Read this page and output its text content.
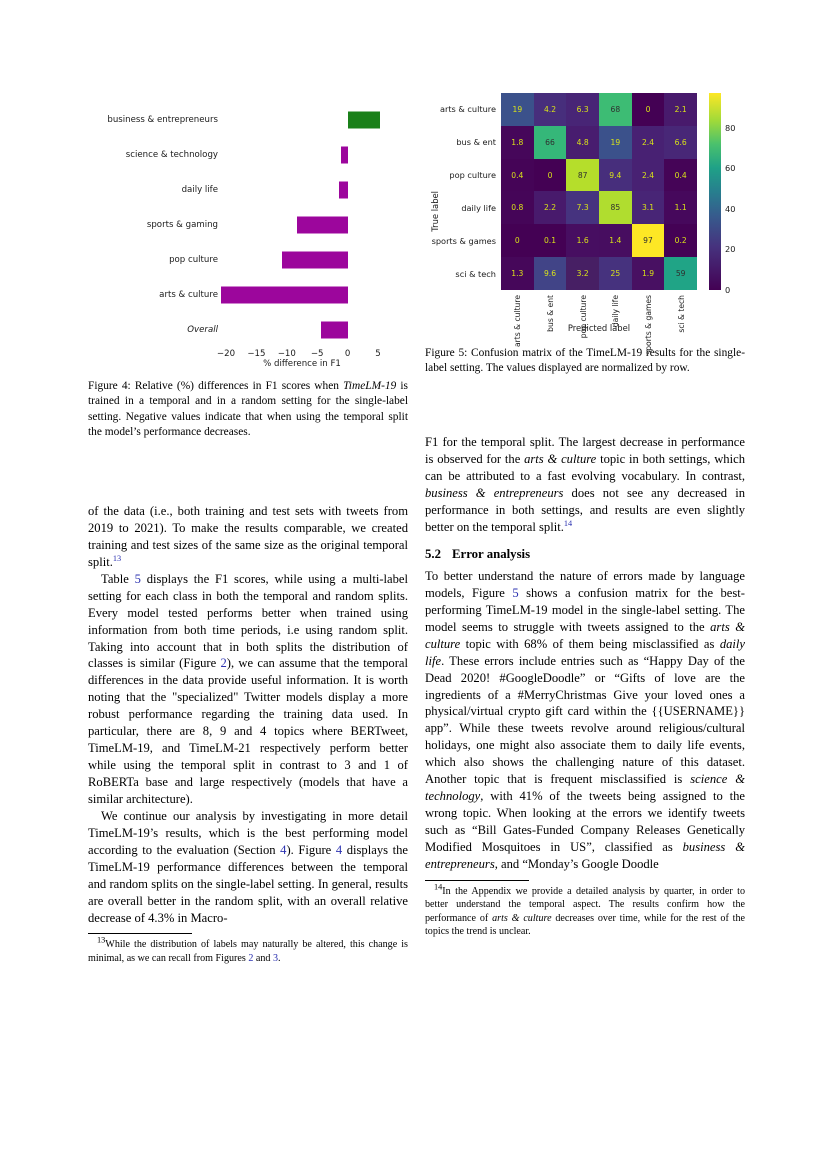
business & entrepreneurs
science & technology
daily life
sports & gaming
pop culture
arts & culture
Overall
−20 −15 −10 −5 0	5
% difference in F1
Figure 4: Relative (%) differences in F1 scores when TimeLM-19 is trained in a temporal and in a random setting for the single-label setting. Negative values indicate that when using the temporal split the model’s performance decreases.
True label
19	4.2	6.3	68	0	2.1
1.8	66	4.8	19	2.4	6.6
0.4	0	87	9.4	2.4	0.4
0.8	2.2	7.3	85	3.1	1.1
0	0.1	1.6	1.4	97	0.2
1.3	9.6	3.2	25	1.9	59
arts & culture
bus & ent
pop culture
daily life
sports & games
sci & tech
arts & culture	bus & ent	pop culture	daily life	sports & games	sci & tech
0
20
40
60
80
Predicted label
Figure 5: Confusion matrix of the TimeLM-19 results for the single-label setting. The values displayed are normalized by row.

of the data (i.e., both training and test sets with tweets from 2019 to 2021). To make the results comparable, we created training and test sizes of the same size as the original temporal split.$^{13}$

Table 5 displays the F1 scores, while using a multi-label setting for each class in both the temporal and random splits. Every model tested performs better when trained using information from both time periods, i.e using random split. Taking into account that in both splits the distribution of classes is similar (Figure 2), we can assume that the temporal differences in the data provide useful information. It is worth noting that the "specialized" Twitter models display a more robust performance regarding the training data used. In particular, there are 8, 9 and 4 topics where BERTweet, TimeLM-19, and TimeLM-21 respectively perform better while using the temporal split in contrast to 3 and 1 of RoBERTa base and large respectively (models that have a similar architecture).

We continue our analysis by investigating in more detail TimeLM-19’s results, which is the best performing model according to the evaluation (Section 4). Figure 4 displays the TimeLM-19 performance differences between the temporal and random splits on the single-label setting. In general, results are overall better in the random split, with an overall relative decrease of 4.3% in Macro-

$^{13}$While the distribution of labels may naturally be altered, this change is minimal, as we can recall from Figures 2 and 3.

F1 for the temporal split. The largest decrease in performance is observed for the arts & culture topic in both settings, which can be attributed to a fast evolving vocabulary. In contrast, business & entrepreneurs does not see any decreased in performance in both settings, and results are even slightly better on the temporal split.$^{14}$

5.2 Error analysis

To better understand the nature of errors made by language models, Figure 5 shows a confusion matrix for the best-performing TimeLM-19 model in the single-label setting. The model seems to struggle with tweets assigned to the arts & culture topic with 68% of them being misclassified as daily life. These errors include entries such as “Happy Day of the Dead 2020! #GoogleDoodle” or “Gifts of love are the ingredients of a #MerryChristmas Give your loved ones a physical/virtual crypto gift card within the {{USERNAME}} app”. While these tweets revolve around religious/cultural holidays, one might also associate them to daily life events, which also shows the challenging nature of this dataset. Another topic that is frequent misclassified is science & technology, with 41% of the tweets being assigned to the wrong topic. When looking at the errors we identify tweets such as “Bill Gates-Funded Company Releases Genetically Modified Mosquitoes in US”, classified as business & entrepreneurs, and “Monday’s Google Doodle

$^{14}$In the Appendix we provide a detailed analysis by quarter, in order to better understand the temporal aspect. The results confirm how the performance of arts & culture decreases over time, while for the rest of the topics the trend is unclear.
